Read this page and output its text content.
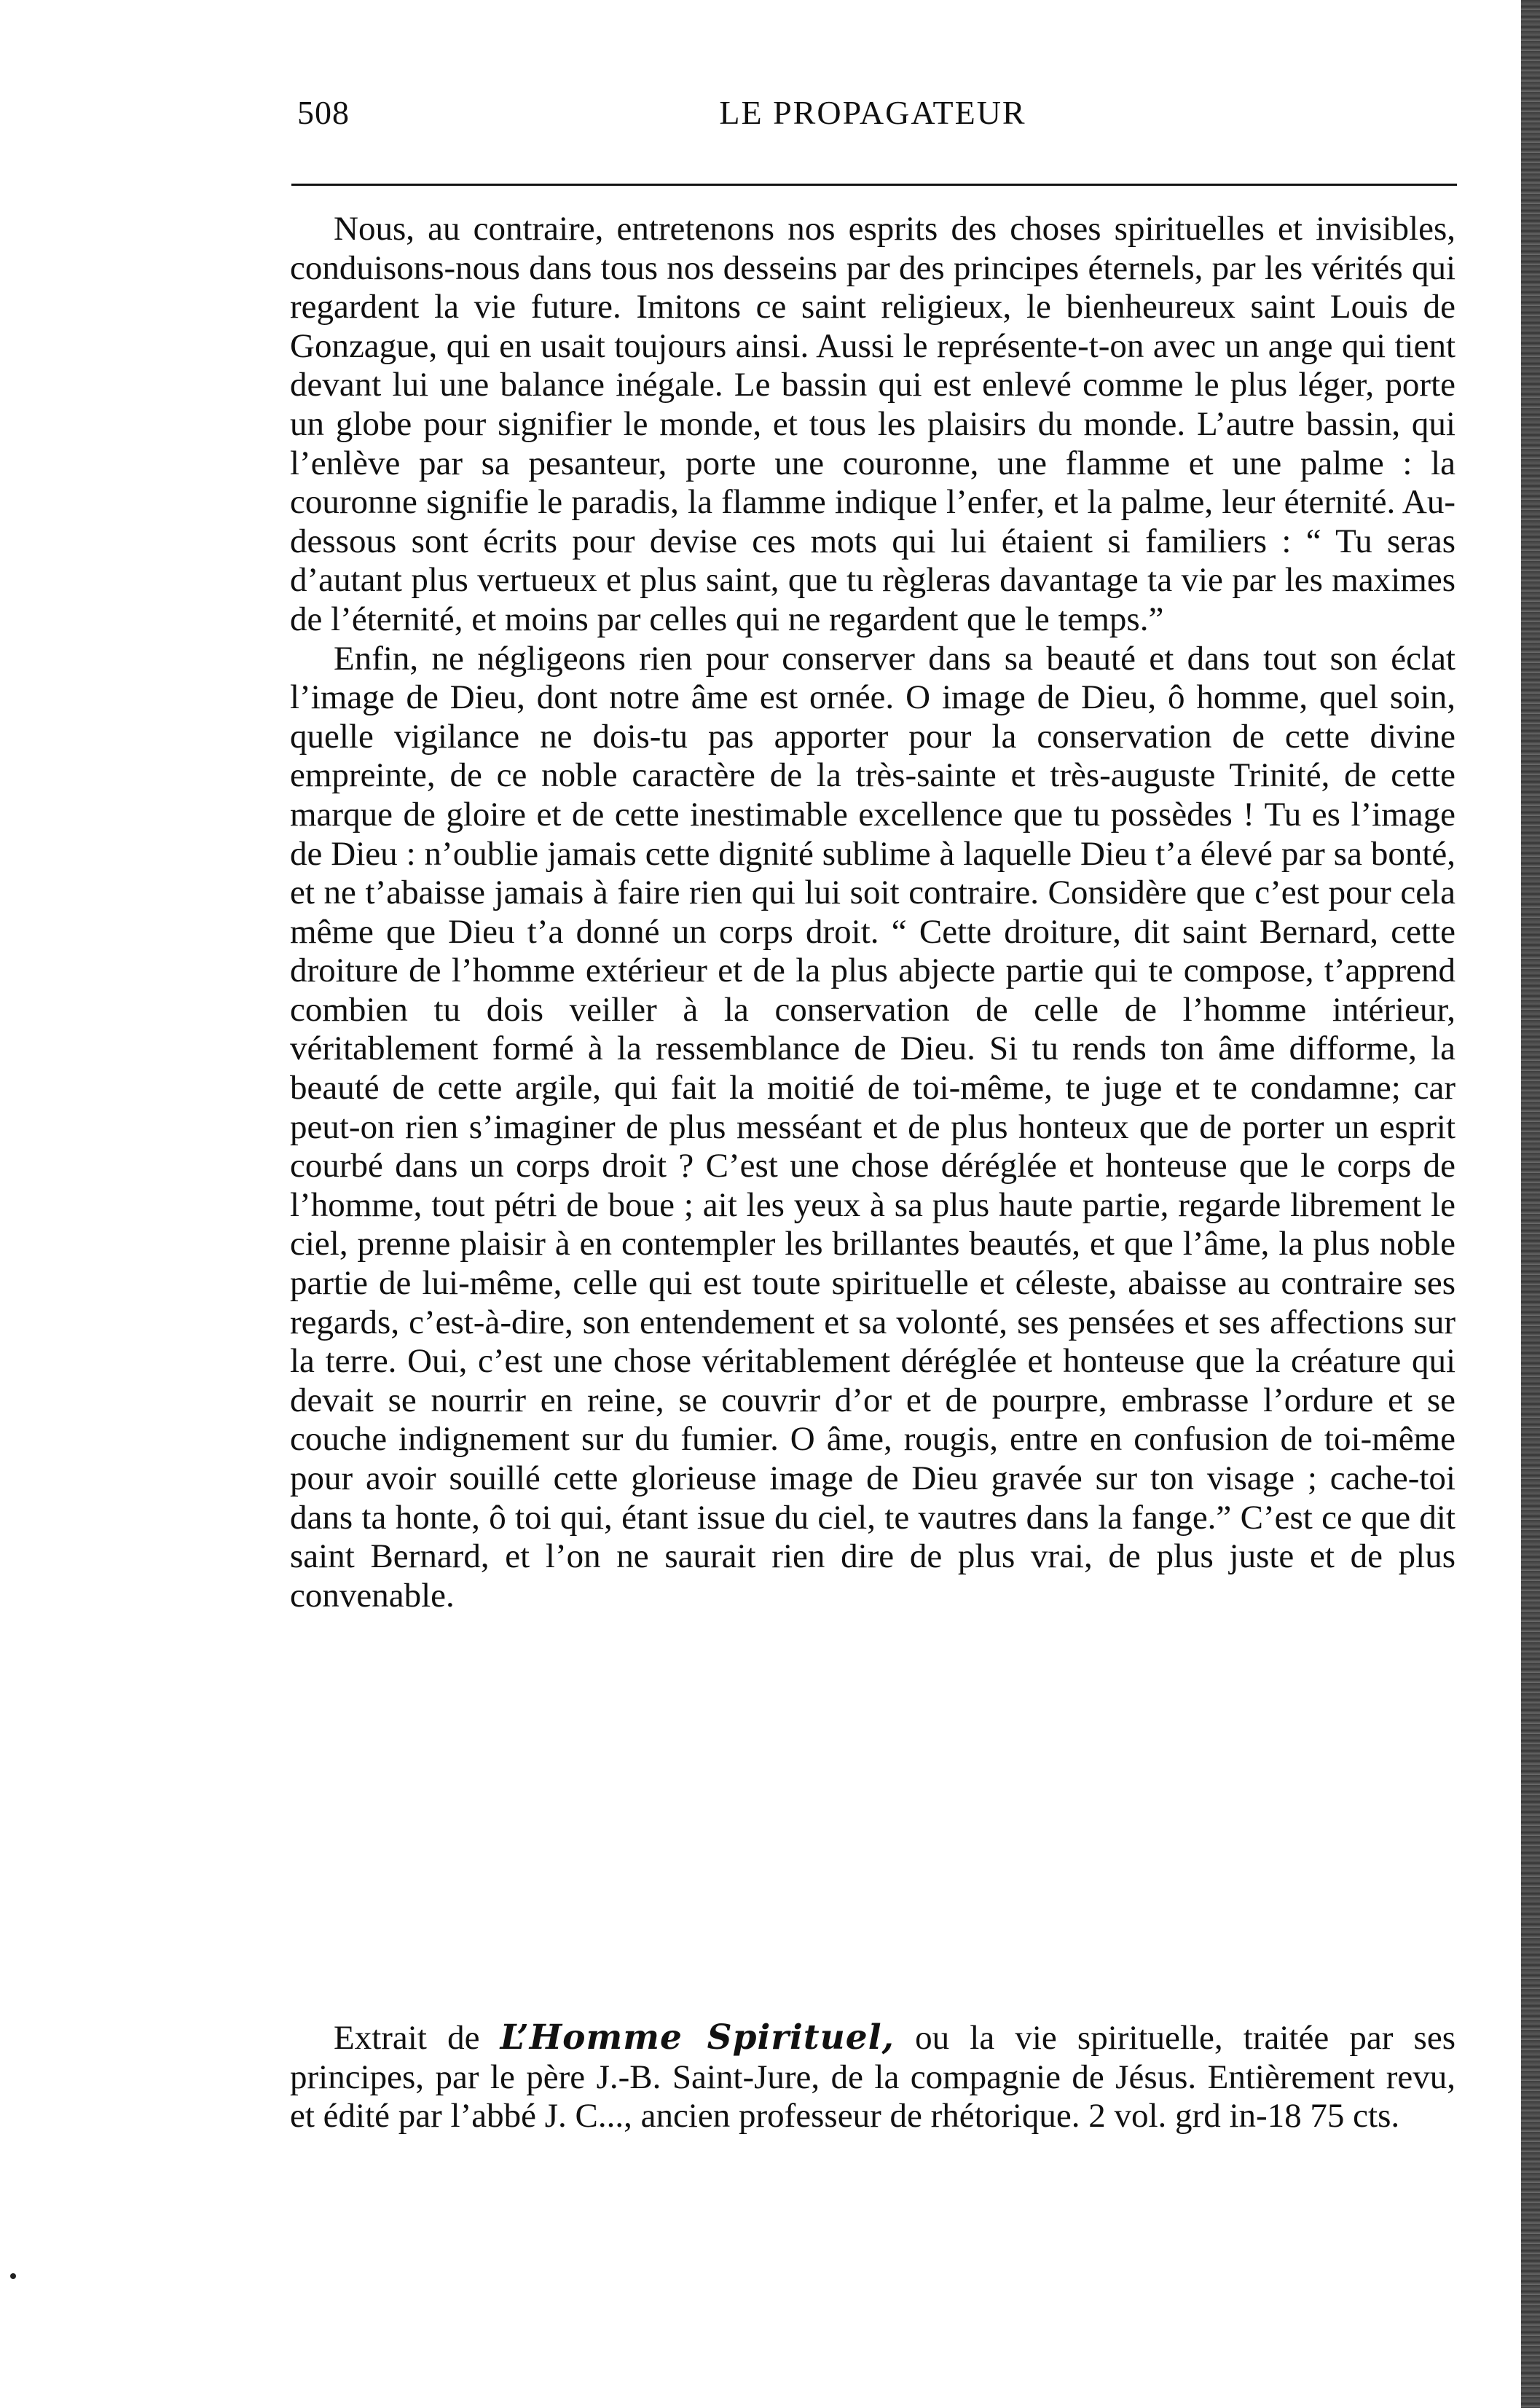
508	LE PROPAGATEUR

Nous, au contraire, entretenons nos esprits des choses spirituelles et invisibles, conduisons-nous dans tous nos desseins par des principes éternels, par les vérités qui regardent la vie future. Imitons ce saint religieux, le bienheureux saint Louis de Gonzague, qui en usait toujours ainsi. Aussi le représente-t-on avec un ange qui tient devant lui une balance inégale. Le bassin qui est enlevé comme le plus léger, porte un globe pour signifier le monde, et tous les plaisirs du monde. L’autre bassin, qui l’enlève par sa pesanteur, porte une couronne, une flamme et une palme : la couronne signifie le paradis, la flamme indique l’enfer, et la palme, leur éternité. Au-dessous sont écrits pour devise ces mots qui lui étaient si familiers : “ Tu seras d’autant plus vertueux et plus saint, que tu règleras davantage ta vie par les maximes de l’éternité, et moins par celles qui ne regardent que le temps.”

Enfin, ne négligeons rien pour conserver dans sa beauté et dans tout son éclat l’image de Dieu, dont notre âme est ornée. O image de Dieu, ô homme, quel soin, quelle vigilance ne dois-tu pas apporter pour la conservation de cette divine empreinte, de ce noble caractère de la très-sainte et très-auguste Trinité, de cette marque de gloire et de cette inestimable excellence que tu possèdes ! Tu es l’image de Dieu : n’oublie jamais cette dignité sublime à laquelle Dieu t’a élevé par sa bonté, et ne t’abaisse jamais à faire rien qui lui soit contraire. Considère que c’est pour cela même que Dieu t’a donné un corps droit. “ Cette droiture, dit saint Bernard, cette droiture de l’homme extérieur et de la plus abjecte partie qui te compose, t’apprend combien tu dois veiller à la conservation de celle de l’homme intérieur, véritablement formé à la ressemblance de Dieu. Si tu rends ton âme difforme, la beauté de cette argile, qui fait la moitié de toi-même, te juge et te condamne; car peut-on rien s’imaginer de plus messéant et de plus honteux que de porter un esprit courbé dans un corps droit ? C’est une chose déréglée et honteuse que le corps de l’homme, tout pétri de boue ; ait les yeux à sa plus haute partie, regarde librement le ciel, prenne plaisir à en contempler les brillantes beautés, et que l’âme, la plus noble partie de lui-même, celle qui est toute spirituelle et céleste, abaisse au contraire ses regards, c’est-à-dire, son entendement et sa volonté, ses pensées et ses affections sur la terre. Oui, c’est une chose véritablement déréglée et honteuse que la créature qui devait se nourrir en reine, se couvrir d’or et de pourpre, embrasse l’ordure et se couche indignement sur du fumier. O âme, rougis, entre en confusion de toi-même pour avoir souillé cette glorieuse image de Dieu gravée sur ton visage ; cache-toi dans ta honte, ô toi qui, étant issue du ciel, te vautres dans la fange.” C’est ce que dit saint Bernard, et l’on ne saurait rien dire de plus vrai, de plus juste et de plus convenable.

Extrait de L’Homme Spirituel, ou la vie spirituelle, traitée par ses principes, par le père J.-B. Saint-Jure, de la compagnie de Jésus. Entièrement revu, et édité par l’abbé J. C..., ancien professeur de rhétorique. 2 vol. grd in-18 75 cts.
